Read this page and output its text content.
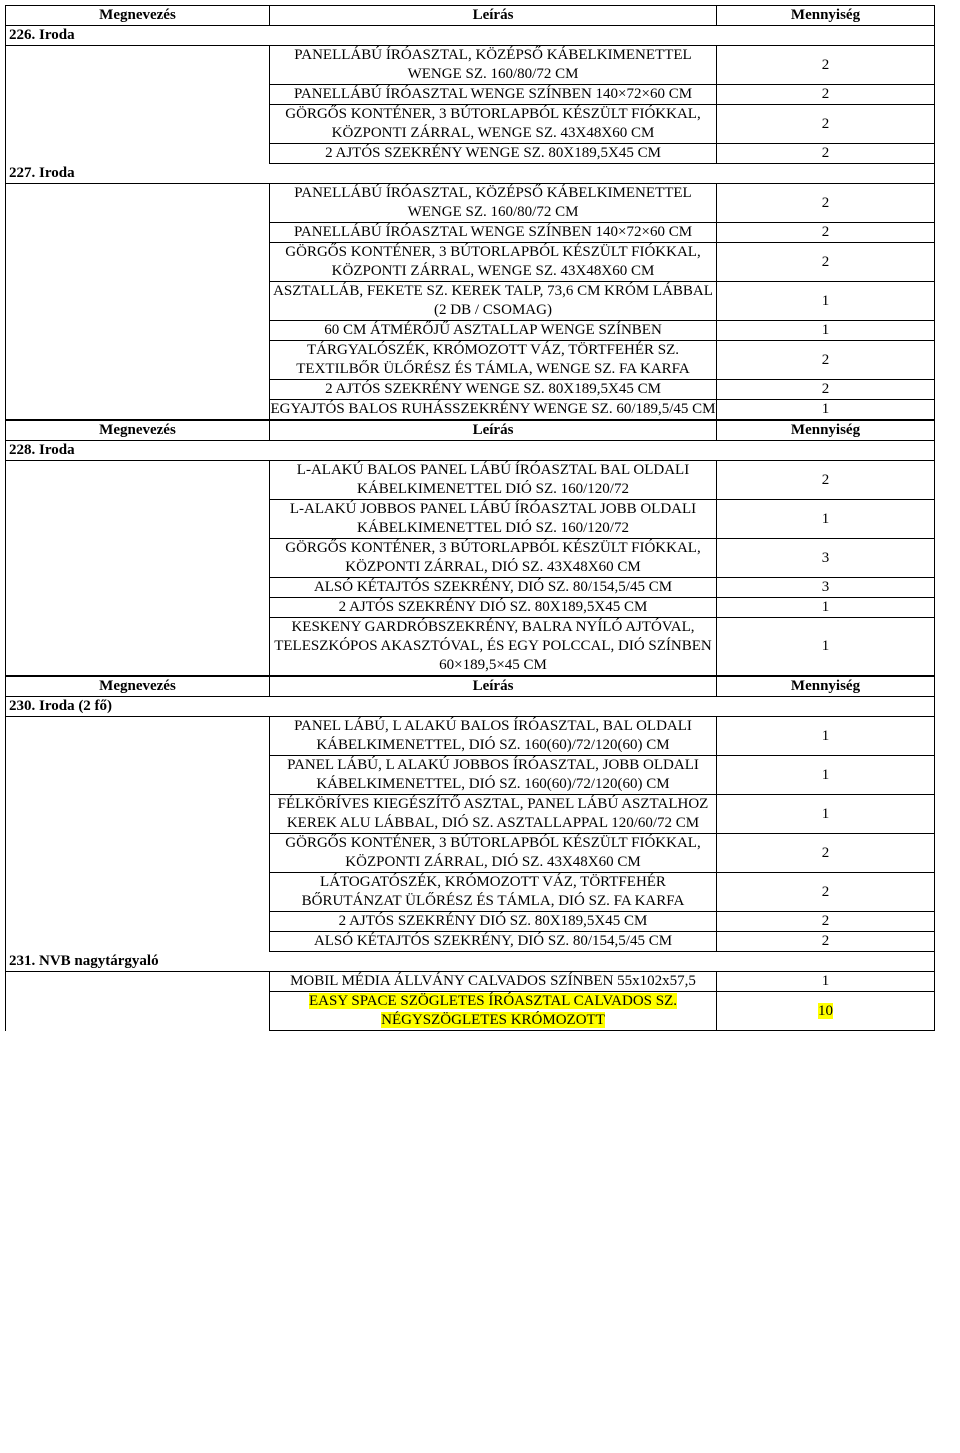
Megnevezés	Leírás	Mennyiség
226. Iroda		
	PANELLÁBÚ ÍRÓASZTAL, KÖZÉPSŐ KÁBELKIMENETTEL WENGE SZ. 160/80/72 CM	2
	PANELLÁBÚ ÍRÓASZTAL WENGE SZÍNBEN 140×72×60 CM	2
	GÖRGŐS KONTÉNER, 3 BÚTORLAPBÓL KÉSZÜLT FIÓKKAL, KÖZPONTI ZÁRRAL, WENGE SZ. 43X48X60 CM	2
	2 AJTÓS SZEKRÉNY WENGE SZ. 80X189,5X45 CM	2
227. Iroda		
	PANELLÁBÚ ÍRÓASZTAL, KÖZÉPSŐ KÁBELKIMENETTEL WENGE SZ. 160/80/72 CM	2
	PANELLÁBÚ ÍRÓASZTAL WENGE SZÍNBEN 140×72×60 CM	2
	GÖRGŐS KONTÉNER, 3 BÚTORLAPBÓL KÉSZÜLT FIÓKKAL, KÖZPONTI ZÁRRAL, WENGE SZ. 43X48X60 CM	2
	ASZTALLÁB, FEKETE SZ. KEREK TALP, 73,6 CM KRÓM LÁBBAL (2 DB / CSOMAG)	1
	60 CM ÁTMÉRŐJŰ ASZTALLAP WENGE SZÍNBEN	1
	TÁRGYALÓSZÉK, KRÓMOZOTT VÁZ, TÖRTFEHÉR SZ. TEXTILBŐR ÜLŐRÉSZ ÉS TÁMLA, WENGE SZ. FA KARFA	2
	2 AJTÓS SZEKRÉNY WENGE SZ. 80X189,5X45 CM	2
	EGYAJTÓS BALOS RUHÁSSZEKRÉNY WENGE SZ. 60/189,5/45 CM	1
Megnevezés	Leírás	Mennyiség
228. Iroda		
	L-ALAKÚ BALOS PANEL LÁBÚ ÍRÓASZTAL BAL OLDALI KÁBELKIMENETTEL DIÓ SZ. 160/120/72	2
	L-ALAKÚ JOBBOS PANEL LÁBÚ ÍRÓASZTAL JOBB OLDALI KÁBELKIMENETTEL DIÓ SZ. 160/120/72	1
	GÖRGŐS KONTÉNER, 3 BÚTORLAPBÓL KÉSZÜLT FIÓKKAL, KÖZPONTI ZÁRRAL, DIÓ SZ. 43X48X60 CM	3
	ALSÓ KÉTAJTÓS SZEKRÉNY, DIÓ SZ. 80/154,5/45 CM	3
	2 AJTÓS SZEKRÉNY DIÓ SZ. 80X189,5X45 CM	1
	KESKENY GARDRÓBSZEKRÉNY, BALRA NYÍLÓ AJTÓVAL, TELESZKÓPOS AKASZTÓVAL, ÉS EGY POLCCAL, DIÓ SZÍNBEN 60×189,5×45 CM	1
Megnevezés	Leírás	Mennyiség
230. Iroda (2 fő)		
	PANEL LÁBÚ, L ALAKÚ BALOS ÍRÓASZTAL, BAL OLDALI KÁBELKIMENETTEL, DIÓ SZ. 160(60)/72/120(60) CM	1
	PANEL LÁBÚ, L ALAKÚ JOBBOS ÍRÓASZTAL, JOBB OLDALI KÁBELKIMENETTEL, DIÓ SZ. 160(60)/72/120(60) CM	1
	FÉLKÖRÍVES KIEGÉSZÍTŐ ASZTAL, PANEL LÁBÚ ASZTALHOZ KEREK ALU LÁBBAL, DIÓ SZ. ASZTALLAPPAL 120/60/72 CM	1
	GÖRGŐS KONTÉNER, 3 BÚTORLAPBÓL KÉSZÜLT FIÓKKAL, KÖZPONTI ZÁRRAL, DIÓ SZ. 43X48X60 CM	2
	LÁTOGATÓSZÉK, KRÓMOZOTT VÁZ, TÖRTFEHÉR BŐRUTÁNZAT ÜLŐRÉSZ ÉS TÁMLA, DIÓ SZ. FA KARFA	2
	2 AJTÓS SZEKRÉNY DIÓ SZ. 80X189,5X45 CM	2
	ALSÓ KÉTAJTÓS SZEKRÉNY, DIÓ SZ. 80/154,5/45 CM	2
231. NVB nagytárgyaló		
	MOBIL MÉDIA ÁLLVÁNY CALVADOS SZÍNBEN 55x102x57,5	1
	EASY SPACE SZÖGLETES ÍRÓASZTAL CALVADOS SZ. NÉGYSZÖGLETES KRÓMOZOTT	10
